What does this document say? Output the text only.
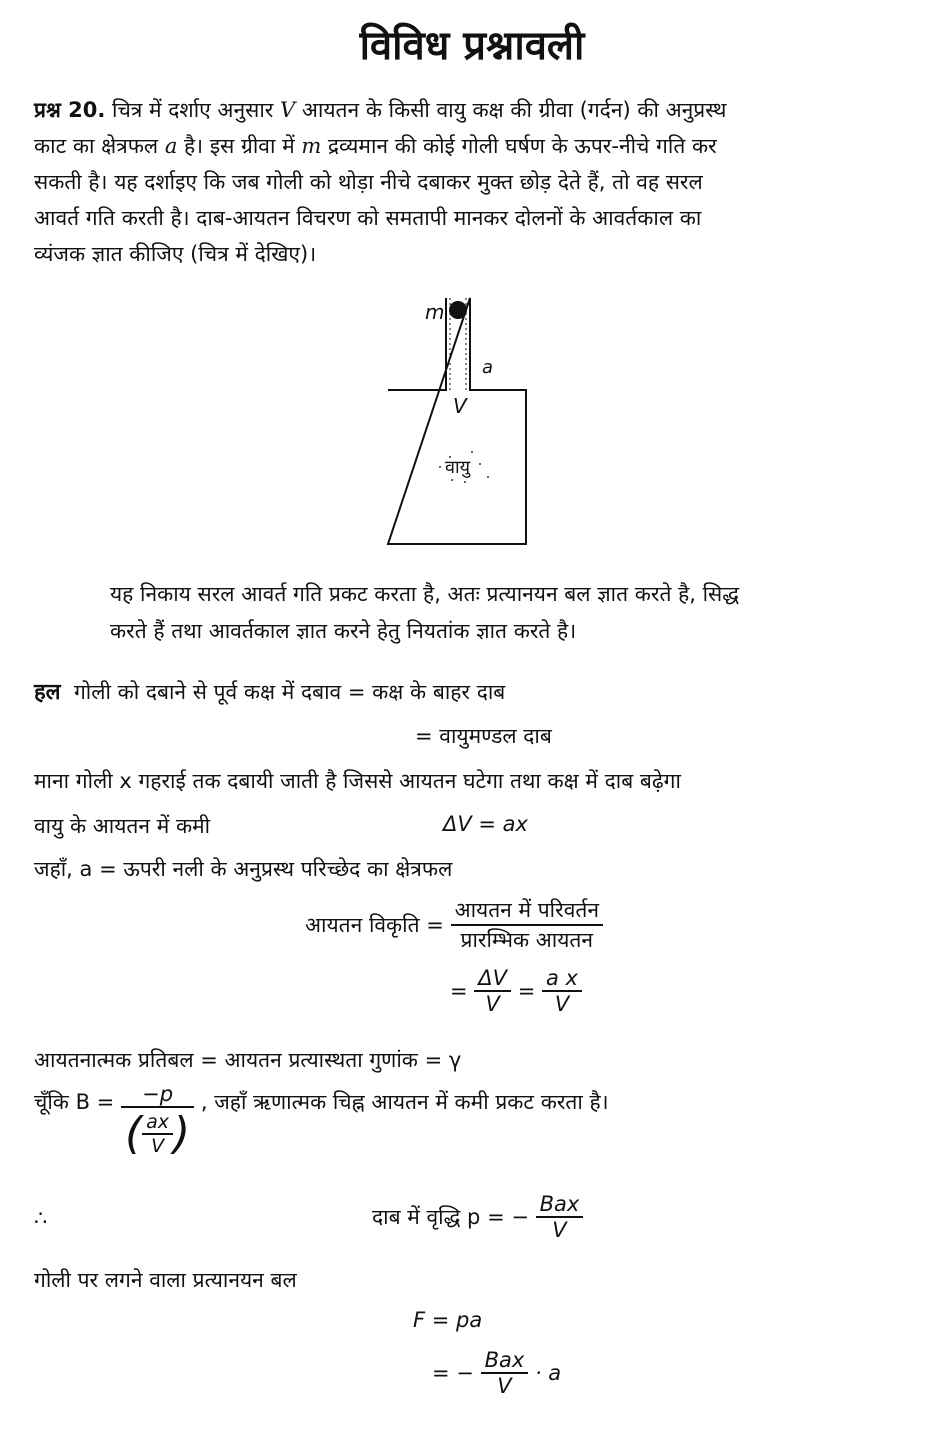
विविध प्रश्नावली
प्रश्न 20. चित्र में दर्शाए अनुसार V आयतन के किसी वायु कक्ष की ग्रीवा (गर्दन) की अनुप्रस्थ
काट का क्षेत्रफल a है। इस ग्रीवा में m द्रव्यमान की कोई गोली घर्षण के ऊपर-नीचे गति कर
सकती है। यह दर्शाइए कि जब गोली को थोड़ा नीचे दबाकर मुक्त छोड़ देते हैं, तो वह सरल
आवर्त गति करती है। दाब-आयतन विचरण को समतापी मानकर दोलनों के आवर्तकाल का
व्यंजक ज्ञात कीजिए (चित्र में देखिए)।
m
a
V
वायु
यह निकाय सरल आवर्त गति प्रकट करता है, अतः प्रत्यानयन बल ज्ञात करते है, सिद्ध
करते हैं तथा आवर्तकाल ज्ञात करने हेतु नियतांक ज्ञात करते है।
हल गोली को दबाने से पूर्व कक्ष में दबाव = कक्ष के बाहर दाब
= वायुमण्डल दाब
माना गोली x गहराई तक दबायी जाती है जिससे आयतन घटेगा तथा कक्ष में दाब बढ़ेगा
वायु के आयतन में कमी	ΔV = ax
जहाँ, a = ऊपरी नली के अनुप्रस्थ परिच्छेद का क्षेत्रफल
आयतन विकृति = $\frac{\text{आयतन में परिवर्तन}}{\text{प्रारम्भिक आयतन}}$
= $\frac{\Delta V}{V} = \frac{\text{a x}}{V}$
आयतनात्मक प्रतिबल = आयतन प्रत्यास्थता गुणांक = γ
चूँकि $B = \frac{-p}{( \frac{ax}{V} )}$ , जहाँ ऋणात्मक चिह्न आयतन में कमी प्रकट करता है।
∴	दाब में वृद्धि p = − $\frac{\text{Bax}}{V}$
गोली पर लगने वाला प्रत्यानयन बल
F = pa
= − $\frac{\text{Bax}}{V} \cdot a$
